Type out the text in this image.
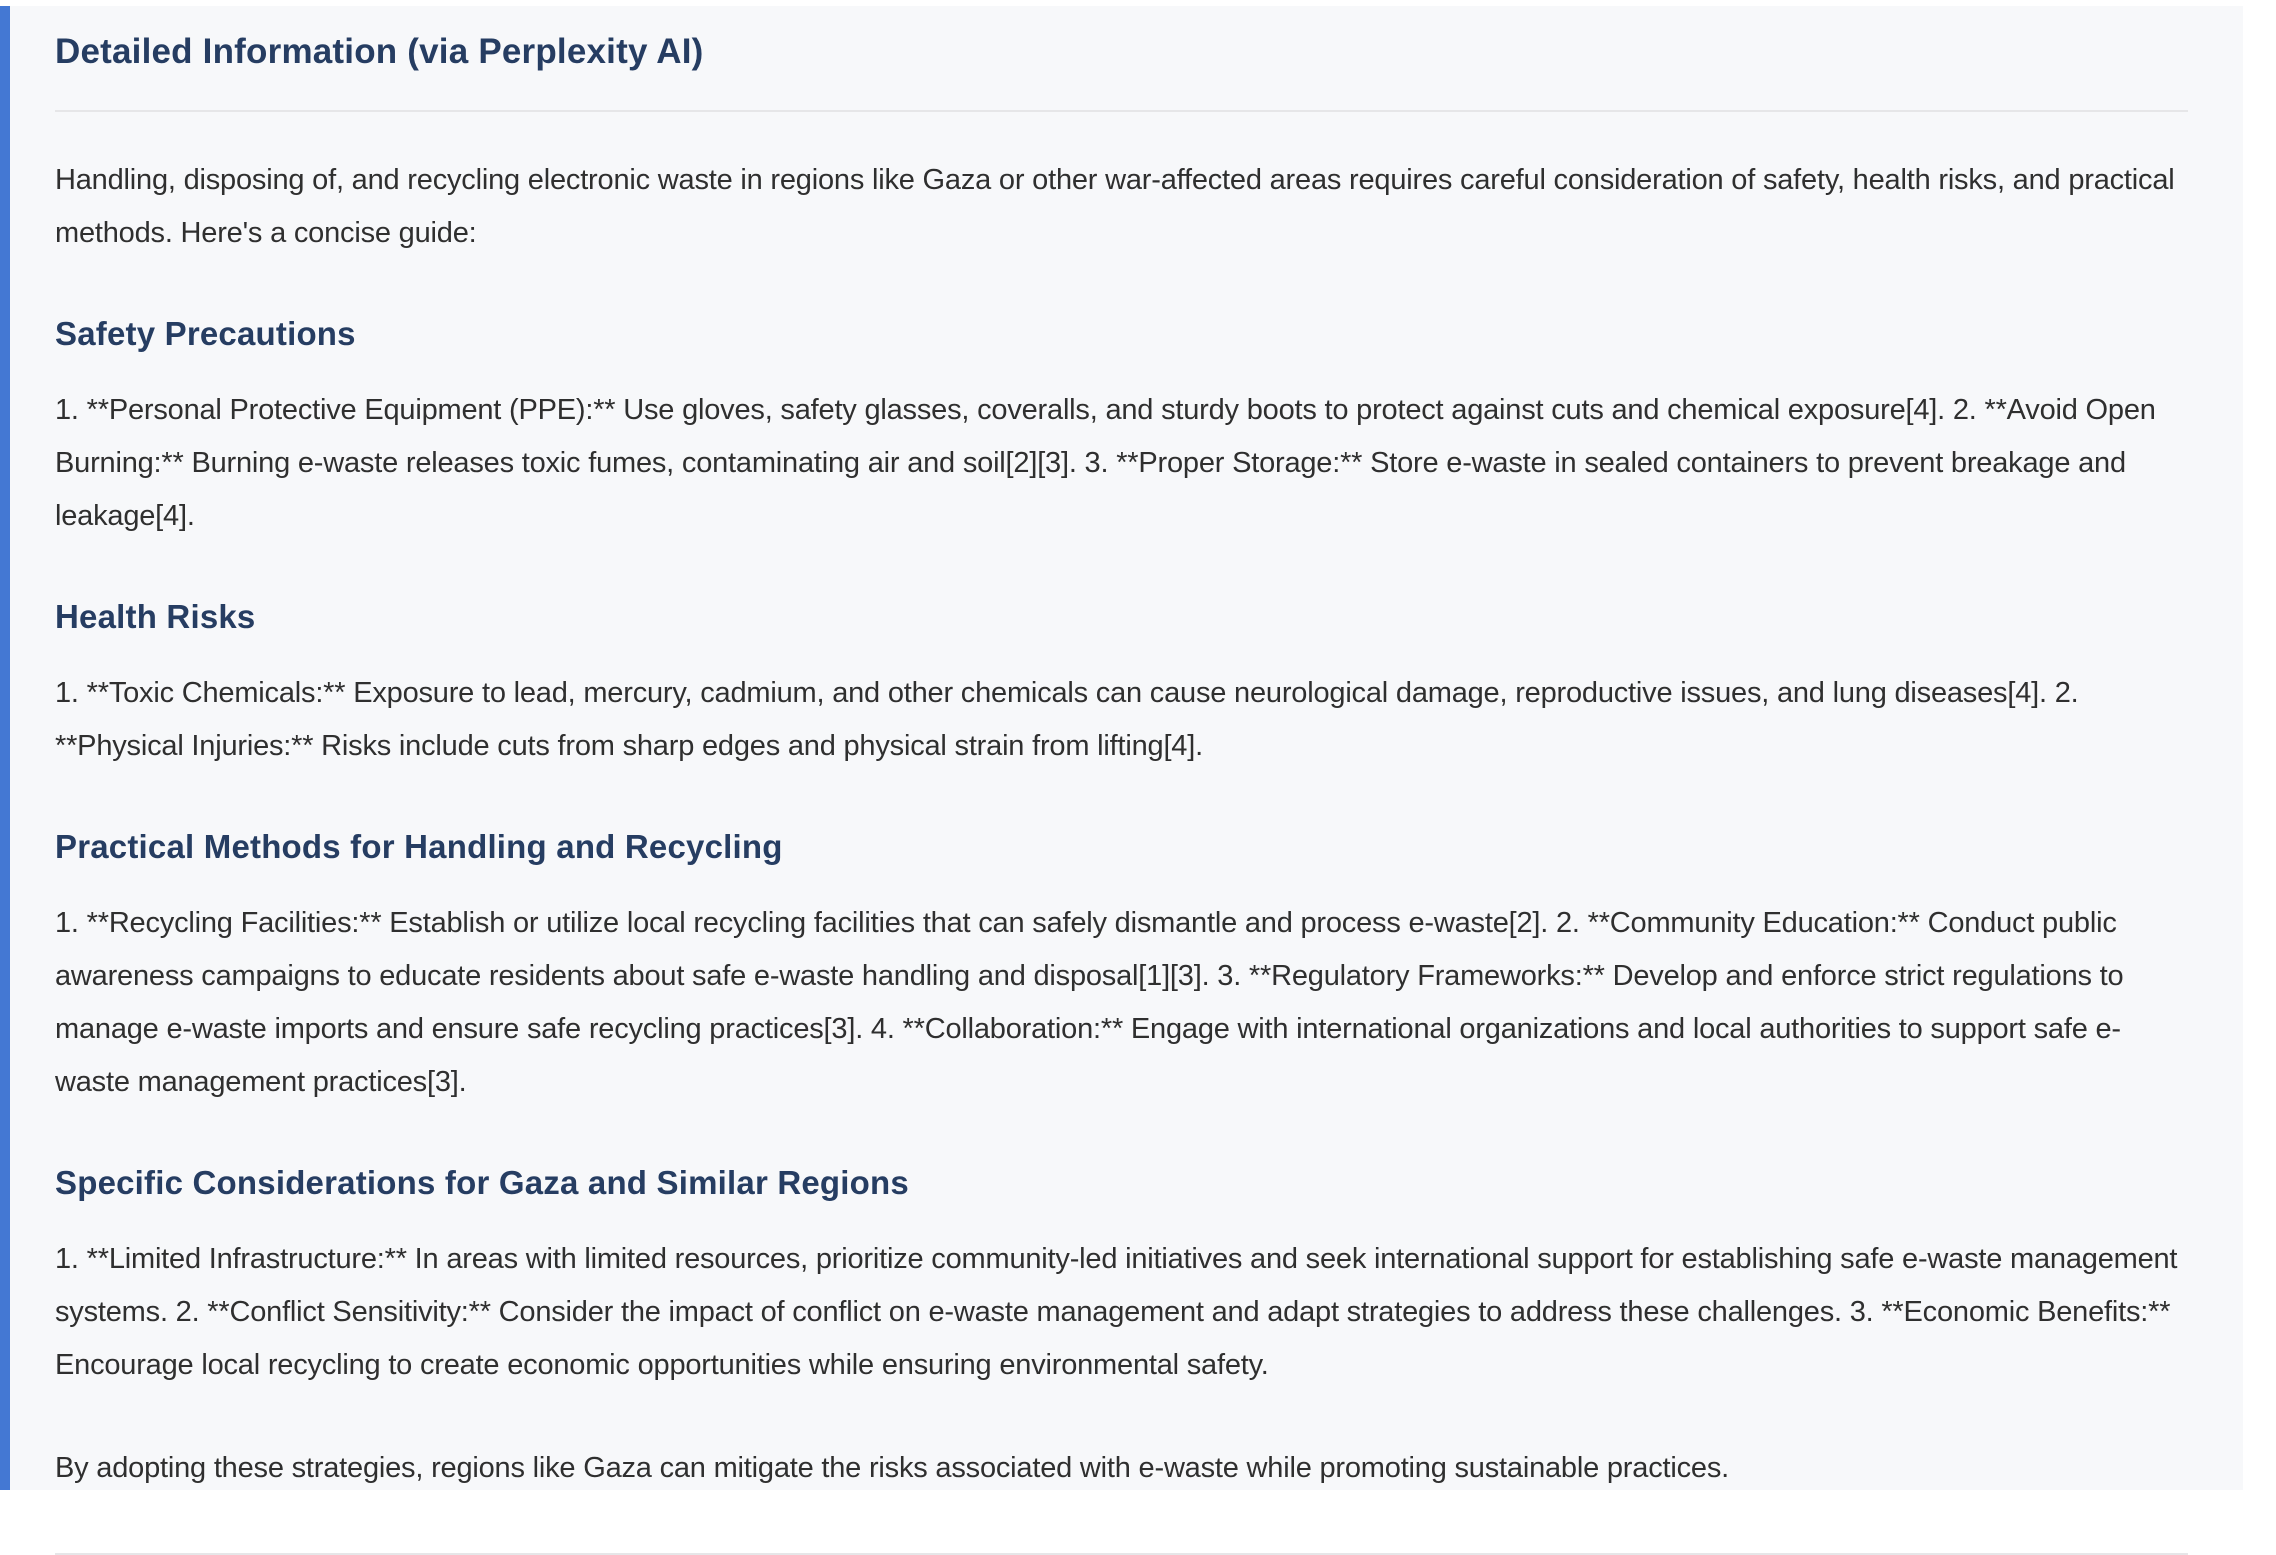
Detailed Information (via Perplexity AI)

Handling, disposing of, and recycling electronic waste in regions like Gaza or other war-affected areas requires careful consideration of safety, health risks, and practical methods. Here's a concise guide:

Safety Precautions

1. **Personal Protective Equipment (PPE):** Use gloves, safety glasses, coveralls, and sturdy boots to protect against cuts and chemical exposure[4]. 2. **Avoid Open Burning:** Burning e-waste releases toxic fumes, contaminating air and soil[2][3]. 3. **Proper Storage:** Store e-waste in sealed containers to prevent breakage and leakage[4].

Health Risks

1. **Toxic Chemicals:** Exposure to lead, mercury, cadmium, and other chemicals can cause neurological damage, reproductive issues, and lung diseases[4]. 2. **Physical Injuries:** Risks include cuts from sharp edges and physical strain from lifting[4].

Practical Methods for Handling and Recycling

1. **Recycling Facilities:** Establish or utilize local recycling facilities that can safely dismantle and process e-waste[2]. 2. **Community Education:** Conduct public awareness campaigns to educate residents about safe e-waste handling and disposal[1][3]. 3. **Regulatory Frameworks:** Develop and enforce strict regulations to manage e-waste imports and ensure safe recycling practices[3]. 4. **Collaboration:** Engage with international organizations and local authorities to support safe e-waste management practices[3].

Specific Considerations for Gaza and Similar Regions

1. **Limited Infrastructure:** In areas with limited resources, prioritize community-led initiatives and seek international support for establishing safe e-waste management systems. 2. **Conflict Sensitivity:** Consider the impact of conflict on e-waste management and adapt strategies to address these challenges. 3. **Economic Benefits:** Encourage local recycling to create economic opportunities while ensuring environmental safety.

By adopting these strategies, regions like Gaza can mitigate the risks associated with e-waste while promoting sustainable practices.
